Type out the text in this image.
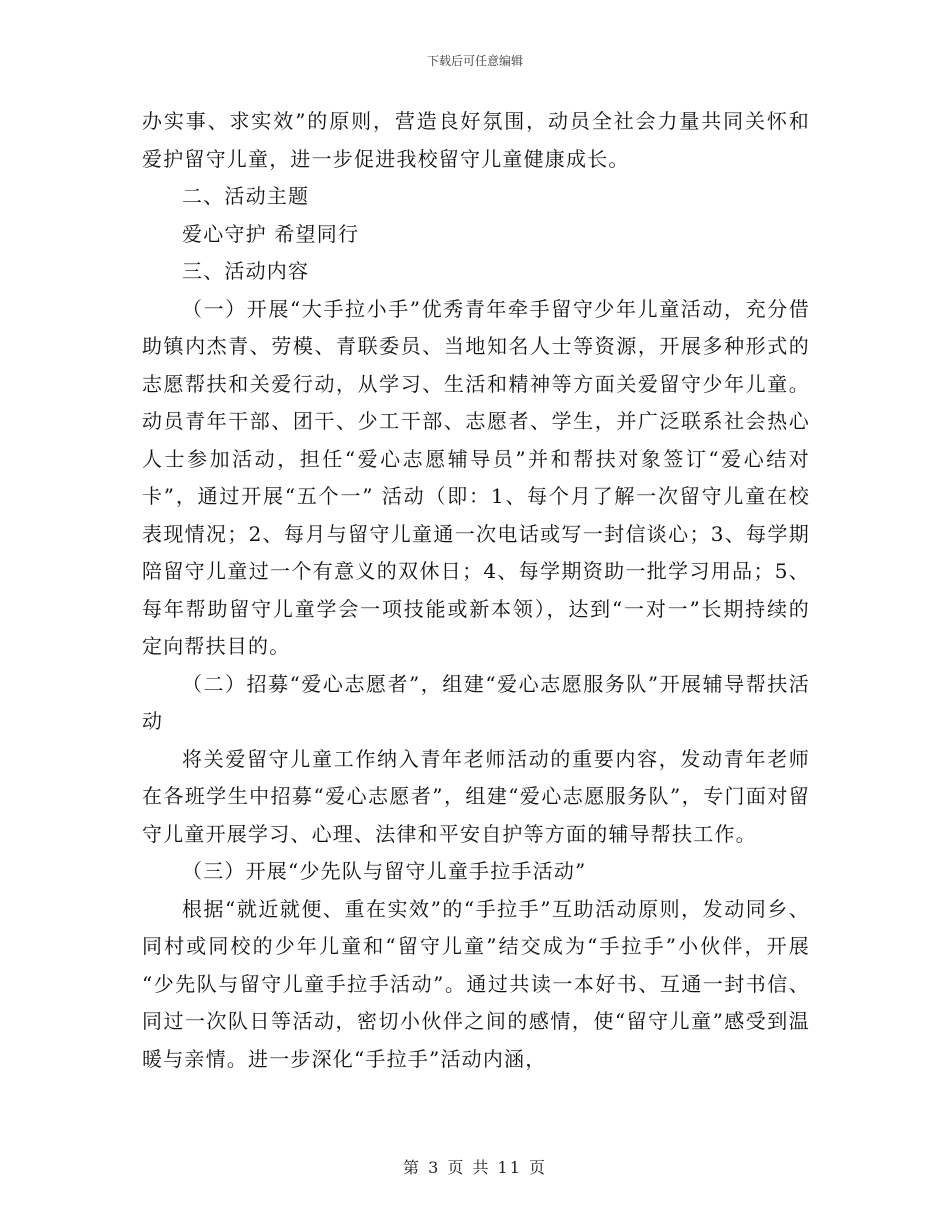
下载后可任意编辑

办实事、求实效”的原则，营造良好氛围，动员全社会力量共同关怀和爱护留守儿童，进一步促进我校留守儿童健康成长。

二、活动主题

爱心守护 希望同行

三、活动内容

（一）开展“大手拉小手”优秀青年牵手留守少年儿童活动，充分借助镇内杰青、劳模、青联委员、当地知名人士等资源，开展多种形式的志愿帮扶和关爱行动，从学习、生活和精神等方面关爱留守少年儿童。动员青年干部、团干、少工干部、志愿者、学生，并广泛联系社会热心人士参加活动，担任“爱心志愿辅导员”并和帮扶对象签订“爱心结对卡”，通过开展“五个一” 活动（即：1、每个月了解一次留守儿童在校表现情况；2、每月与留守儿童通一次电话或写一封信谈心；3、每学期陪留守儿童过一个有意义的双休日；4、每学期资助一批学习用品；5、每年帮助留守儿童学会一项技能或新本领），达到“一对一”长期持续的定向帮扶目的。

（二）招募“爱心志愿者”，组建“爱心志愿服务队”开展辅导帮扶活动

将关爱留守儿童工作纳入青年老师活动的重要内容，发动青年老师在各班学生中招募“爱心志愿者”，组建“爱心志愿服务队”，专门面对留守儿童开展学习、心理、法律和平安自护等方面的辅导帮扶工作。

（三）开展“少先队与留守儿童手拉手活动”

根据“就近就便、重在实效”的“手拉手”互助活动原则，发动同乡、同村或同校的少年儿童和“留守儿童”结交成为“手拉手”小伙伴，开展 “少先队与留守儿童手拉手活动”。通过共读一本好书、互通一封书信、同过一次队日等活动，密切小伙伴之间的感情，使“留守儿童”感受到温暖与亲情。进一步深化“手拉手”活动内涵，

第 3 页 共 11 页
